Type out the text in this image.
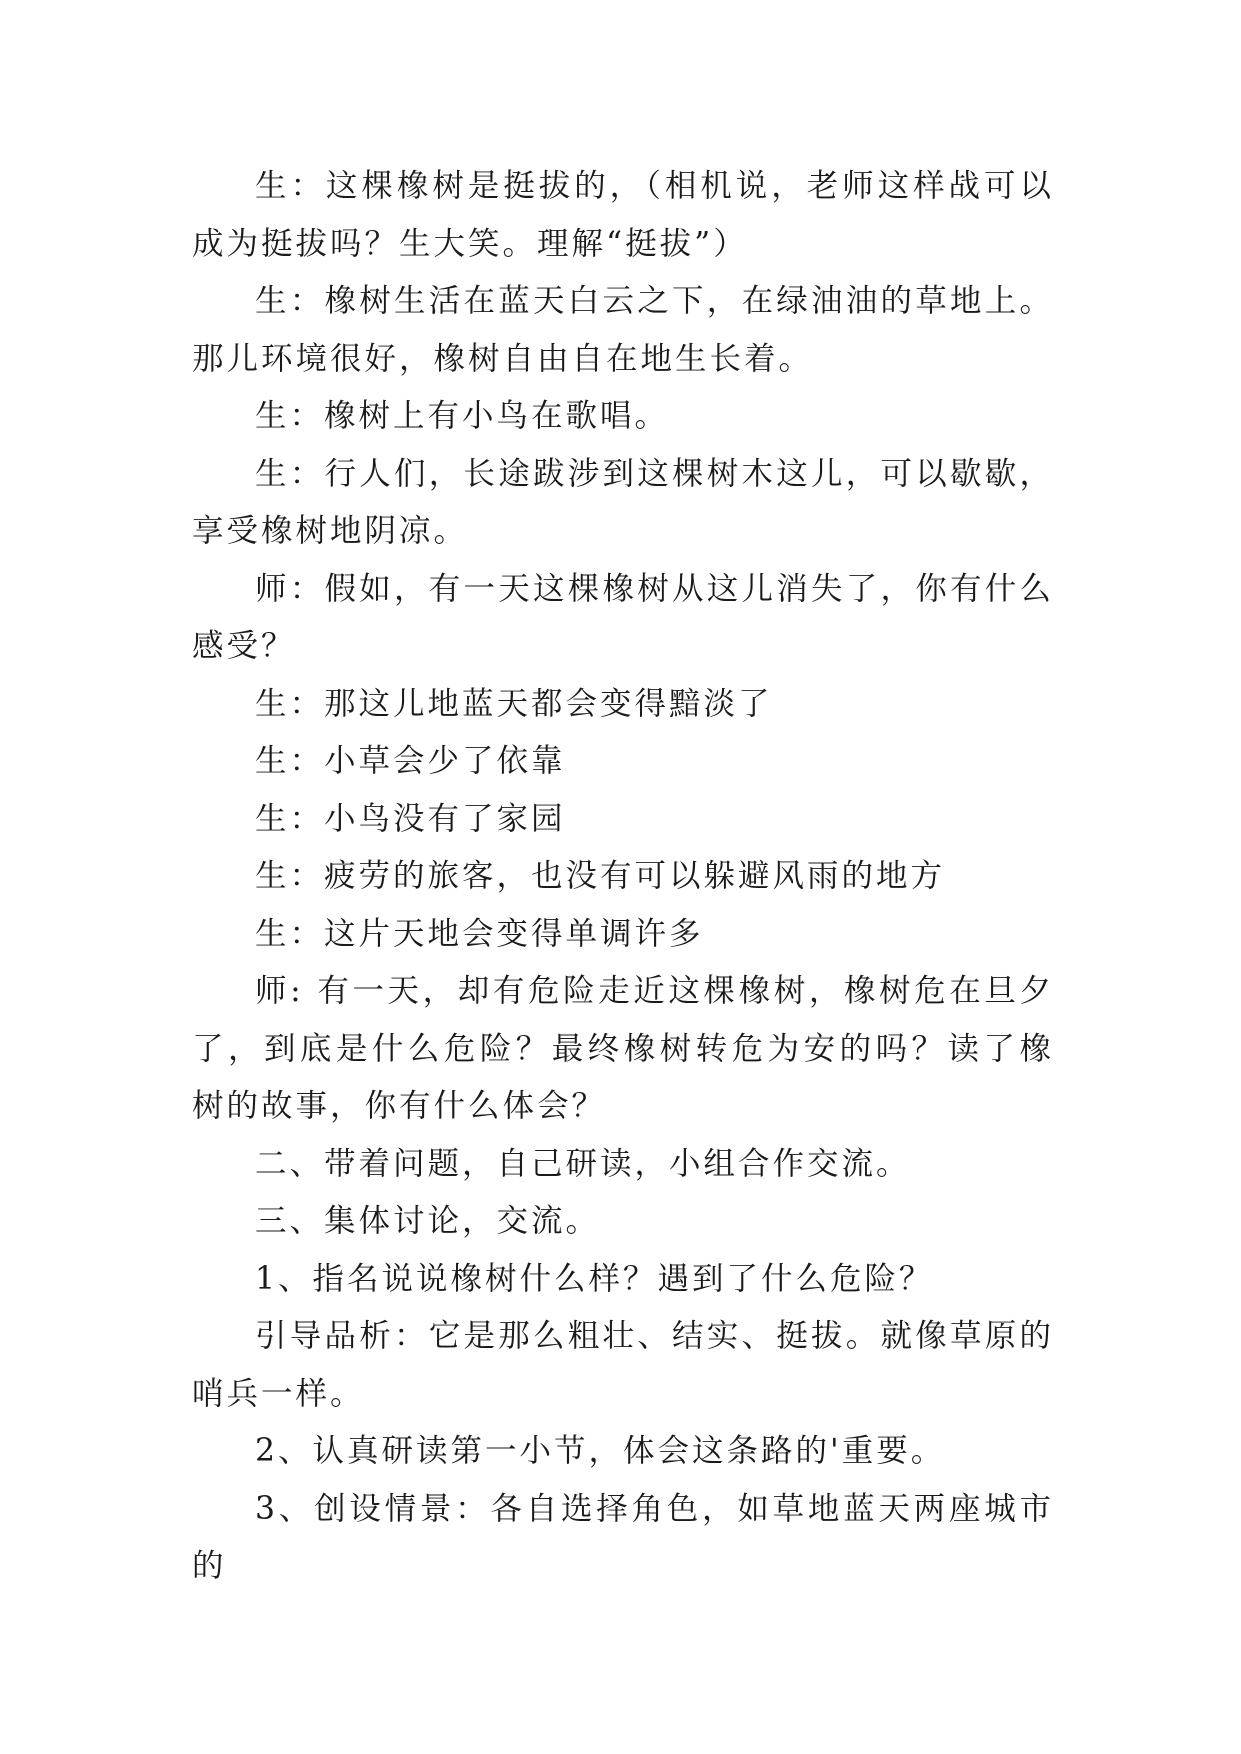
生：这棵橡树是挺拔的，（相机说，老师这样战可以成为挺拔吗？生大笑。理解“挺拔”）

生：橡树生活在蓝天白云之下，在绿油油的草地上。那儿环境很好，橡树自由自在地生长着。

生：橡树上有小鸟在歌唱。

生：行人们，长途跋涉到这棵树木这儿，可以歇歇，享受橡树地阴凉。

师：假如，有一天这棵橡树从这儿消失了，你有什么感受？

生：那这儿地蓝天都会变得黯淡了

生：小草会少了依靠

生：小鸟没有了家园

生：疲劳的旅客，也没有可以躲避风雨的地方

生：这片天地会变得单调许多

师: 有一天，却有危险走近这棵橡树，橡树危在旦夕了，到底是什么危险？最终橡树转危为安的吗？读了橡树的故事，你有什么体会？

二、带着问题，自己研读，小组合作交流。

三、集体讨论，交流。

1、指名说说橡树什么样？遇到了什么危险？

引导品析：它是那么粗壮、结实、挺拔。就像草原的哨兵一样。

2、认真研读第一小节，体会这条路的'重要。

3、创设情景：各自选择角色，如草地蓝天两座城市的
